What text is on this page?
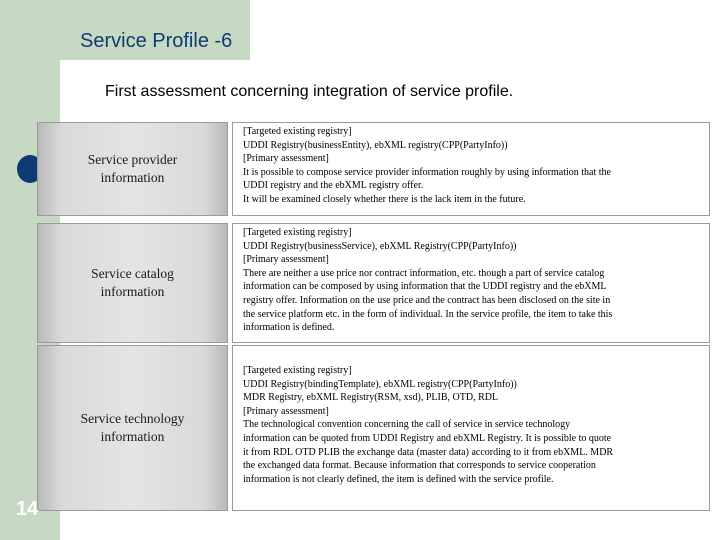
Service Profile -6

First assessment concerning integration of service profile.

Service provider
information
[Targeted existing registry]
UDDI Registry(businessEntity), ebXML registry(CPP(PartyInfo))
[Primary assessment]
It is possible to compose service provider information roughly by using information that the
UDDI registry and the ebXML registry offer.
It will be examined closely whether there is the lack item in the future.
Service catalog
information
[Targeted existing registry]
UDDI Registry(businessService), ebXML Registry(CPP(PartyInfo))
[Primary assessment]
There are neither a use price nor contract information, etc. though a part of service catalog
information can be composed by using information that the UDDI registry and the ebXML
registry offer. Information on the use price and the contract has been disclosed on the site in
the service platform etc. in the form of individual. In the service profile, the item to take this
information is defined.
Service technology
information
[Targeted existing registry]
UDDI Registry(bindingTemplate), ebXML registry(CPP(PartyInfo))
MDR Registry, ebXML Registry(RSM, xsd), PLIB, OTD, RDL
[Primary assessment]
The technological convention concerning the call of service in service technology
information can be quoted from UDDI Registry and ebXML Registry. It is possible to quote
it from RDL OTD PLIB the exchange data (master data) according to it from ebXML. MDR
the exchanged data format. Because information that corresponds to service cooperation
information is not clearly defined, the item is defined with the service profile.
14
